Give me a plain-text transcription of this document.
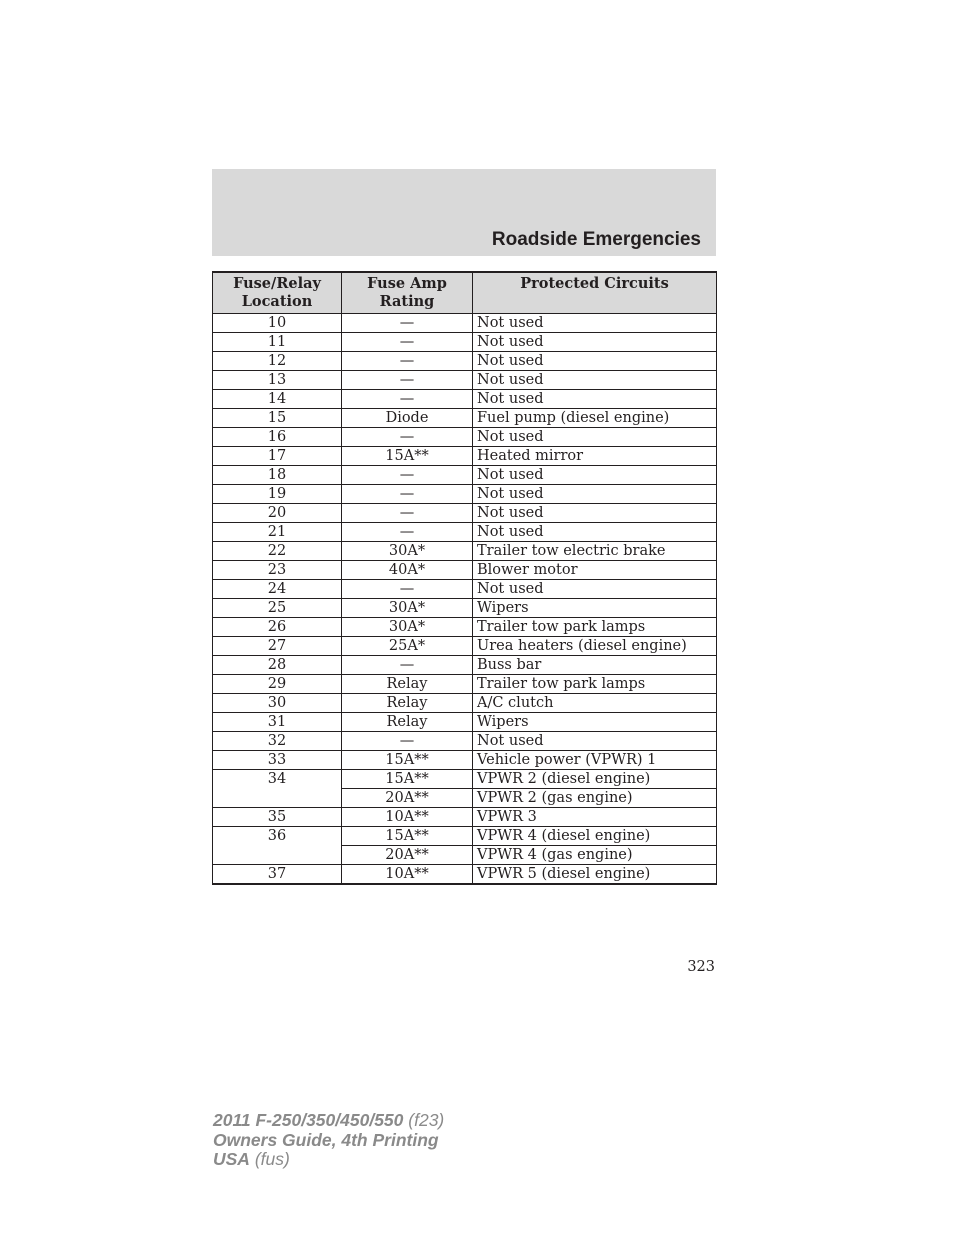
Roadside Emergencies
Fuse/Relay Location	Fuse Amp Rating	Protected Circuits
10	—	Not used
11	—	Not used
12	—	Not used
13	—	Not used
14	—	Not used
15	Diode	Fuel pump (diesel engine)
16	—	Not used
17	15A**	Heated mirror
18	—	Not used
19	—	Not used
20	—	Not used
21	—	Not used
22	30A*	Trailer tow electric brake
23	40A*	Blower motor
24	—	Not used
25	30A*	Wipers
26	30A*	Trailer tow park lamps
27	25A*	Urea heaters (diesel engine)
28	—	Buss bar
29	Relay	Trailer tow park lamps
30	Relay	A/C clutch
31	Relay	Wipers
32	—	Not used
33	15A**	Vehicle power (VPWR) 1
34	15A**	VPWR 2 (diesel engine)
	20A**	VPWR 2 (gas engine)
35	10A**	VPWR 3
36	15A**	VPWR 4 (diesel engine)
	20A**	VPWR 4 (gas engine)
37	10A**	VPWR 5 (diesel engine)
323
2011 F-250/350/450/550 (f23)
Owners Guide, 4th Printing
USA (fus)
